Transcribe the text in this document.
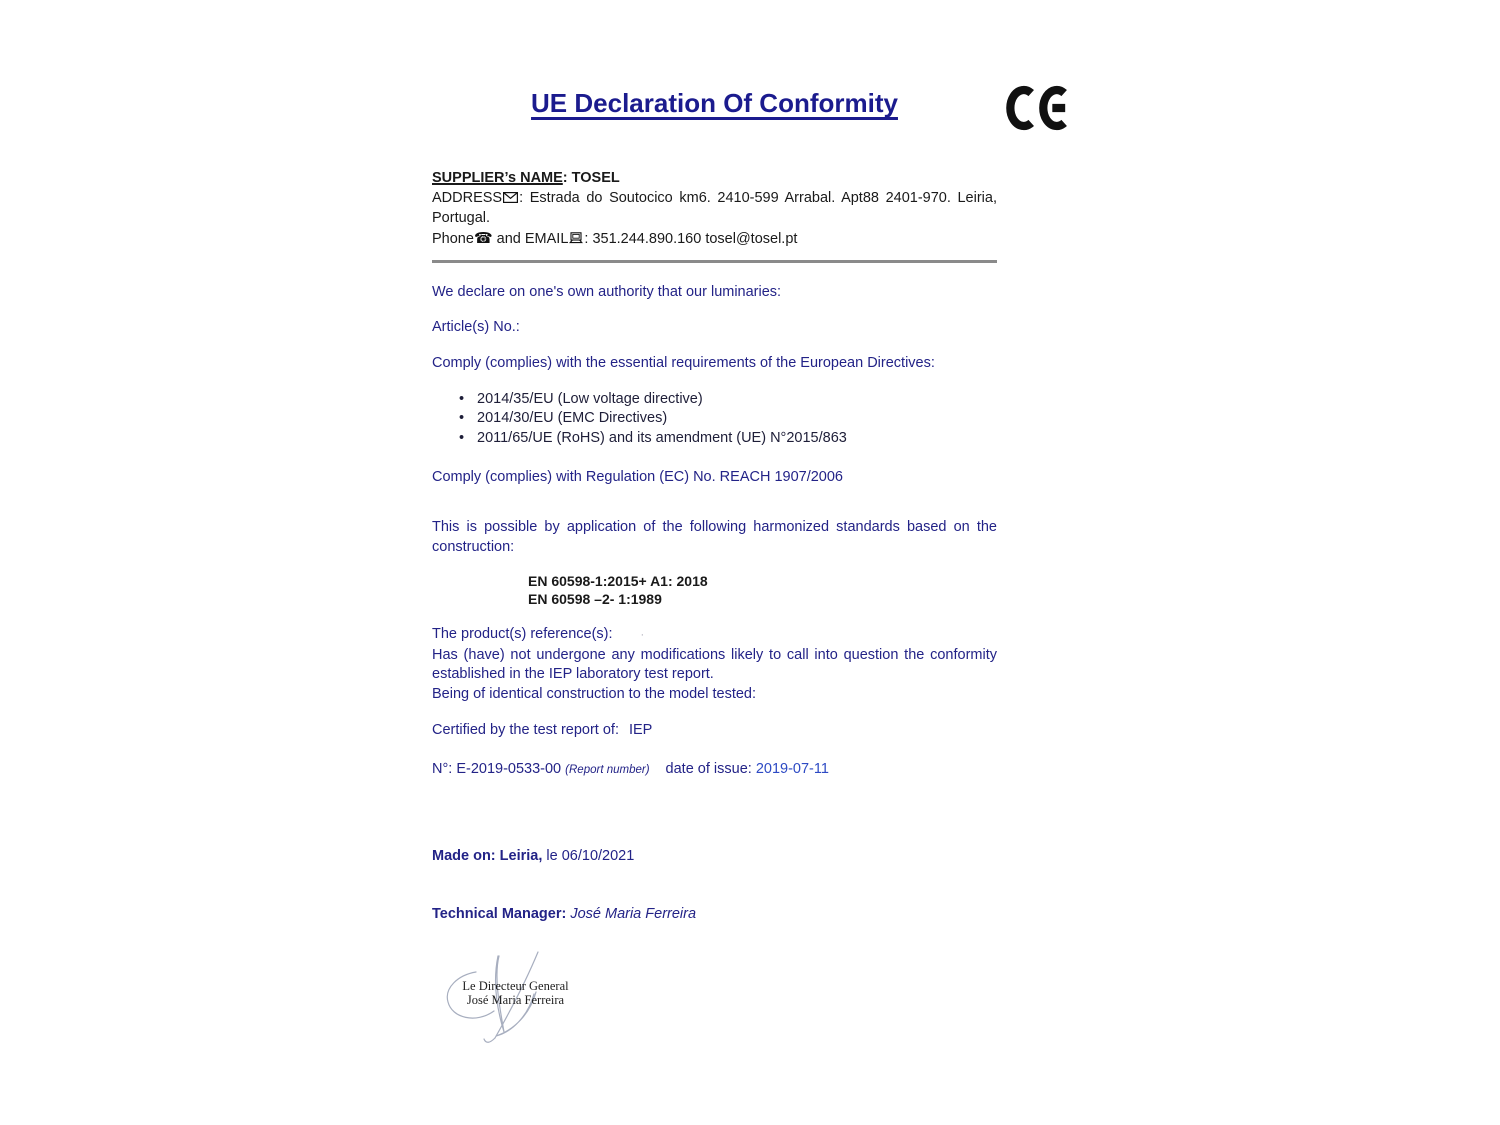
UE Declaration Of Conformity
SUPPLIER’s NAME: TOSEL
ADDRESS : Estrada do Soutocico km6. 2410-599 Arrabal. Apt88 2401-970. Leiria,
Portugal.
Phone☎ and EMAIL : 351.244.890.160 tosel@tosel.pt
We declare on one's own authority that our luminaries:
Article(s) No.:
Comply (complies) with the essential requirements of the European Directives:
• 2014/35/EU (Low voltage directive)
• 2014/30/EU (EMC Directives)
• 2011/65/UE (RoHS) and its amendment (UE) N°2015/863
Comply (complies) with Regulation (EC) No. REACH 1907/2006
This is possible by application of the following harmonized standards based on the
construction:
EN 60598-1:2015+ A1: 2018
EN 60598 –2- 1:1989
The product(s) reference(s):	·
Has (have) not undergone any modifications likely to call into question the conformity
established in the IEP laboratory test report.
Being of identical construction to the model tested:
Certified by the test report of: IEP
N°: E-2019-0533-00 (Report number) date of issue: 2019-07-11
Made on: Leiria, le 06/10/2021
Technical Manager: José Maria Ferreira
Le Directeur General
José Maria Ferreira
